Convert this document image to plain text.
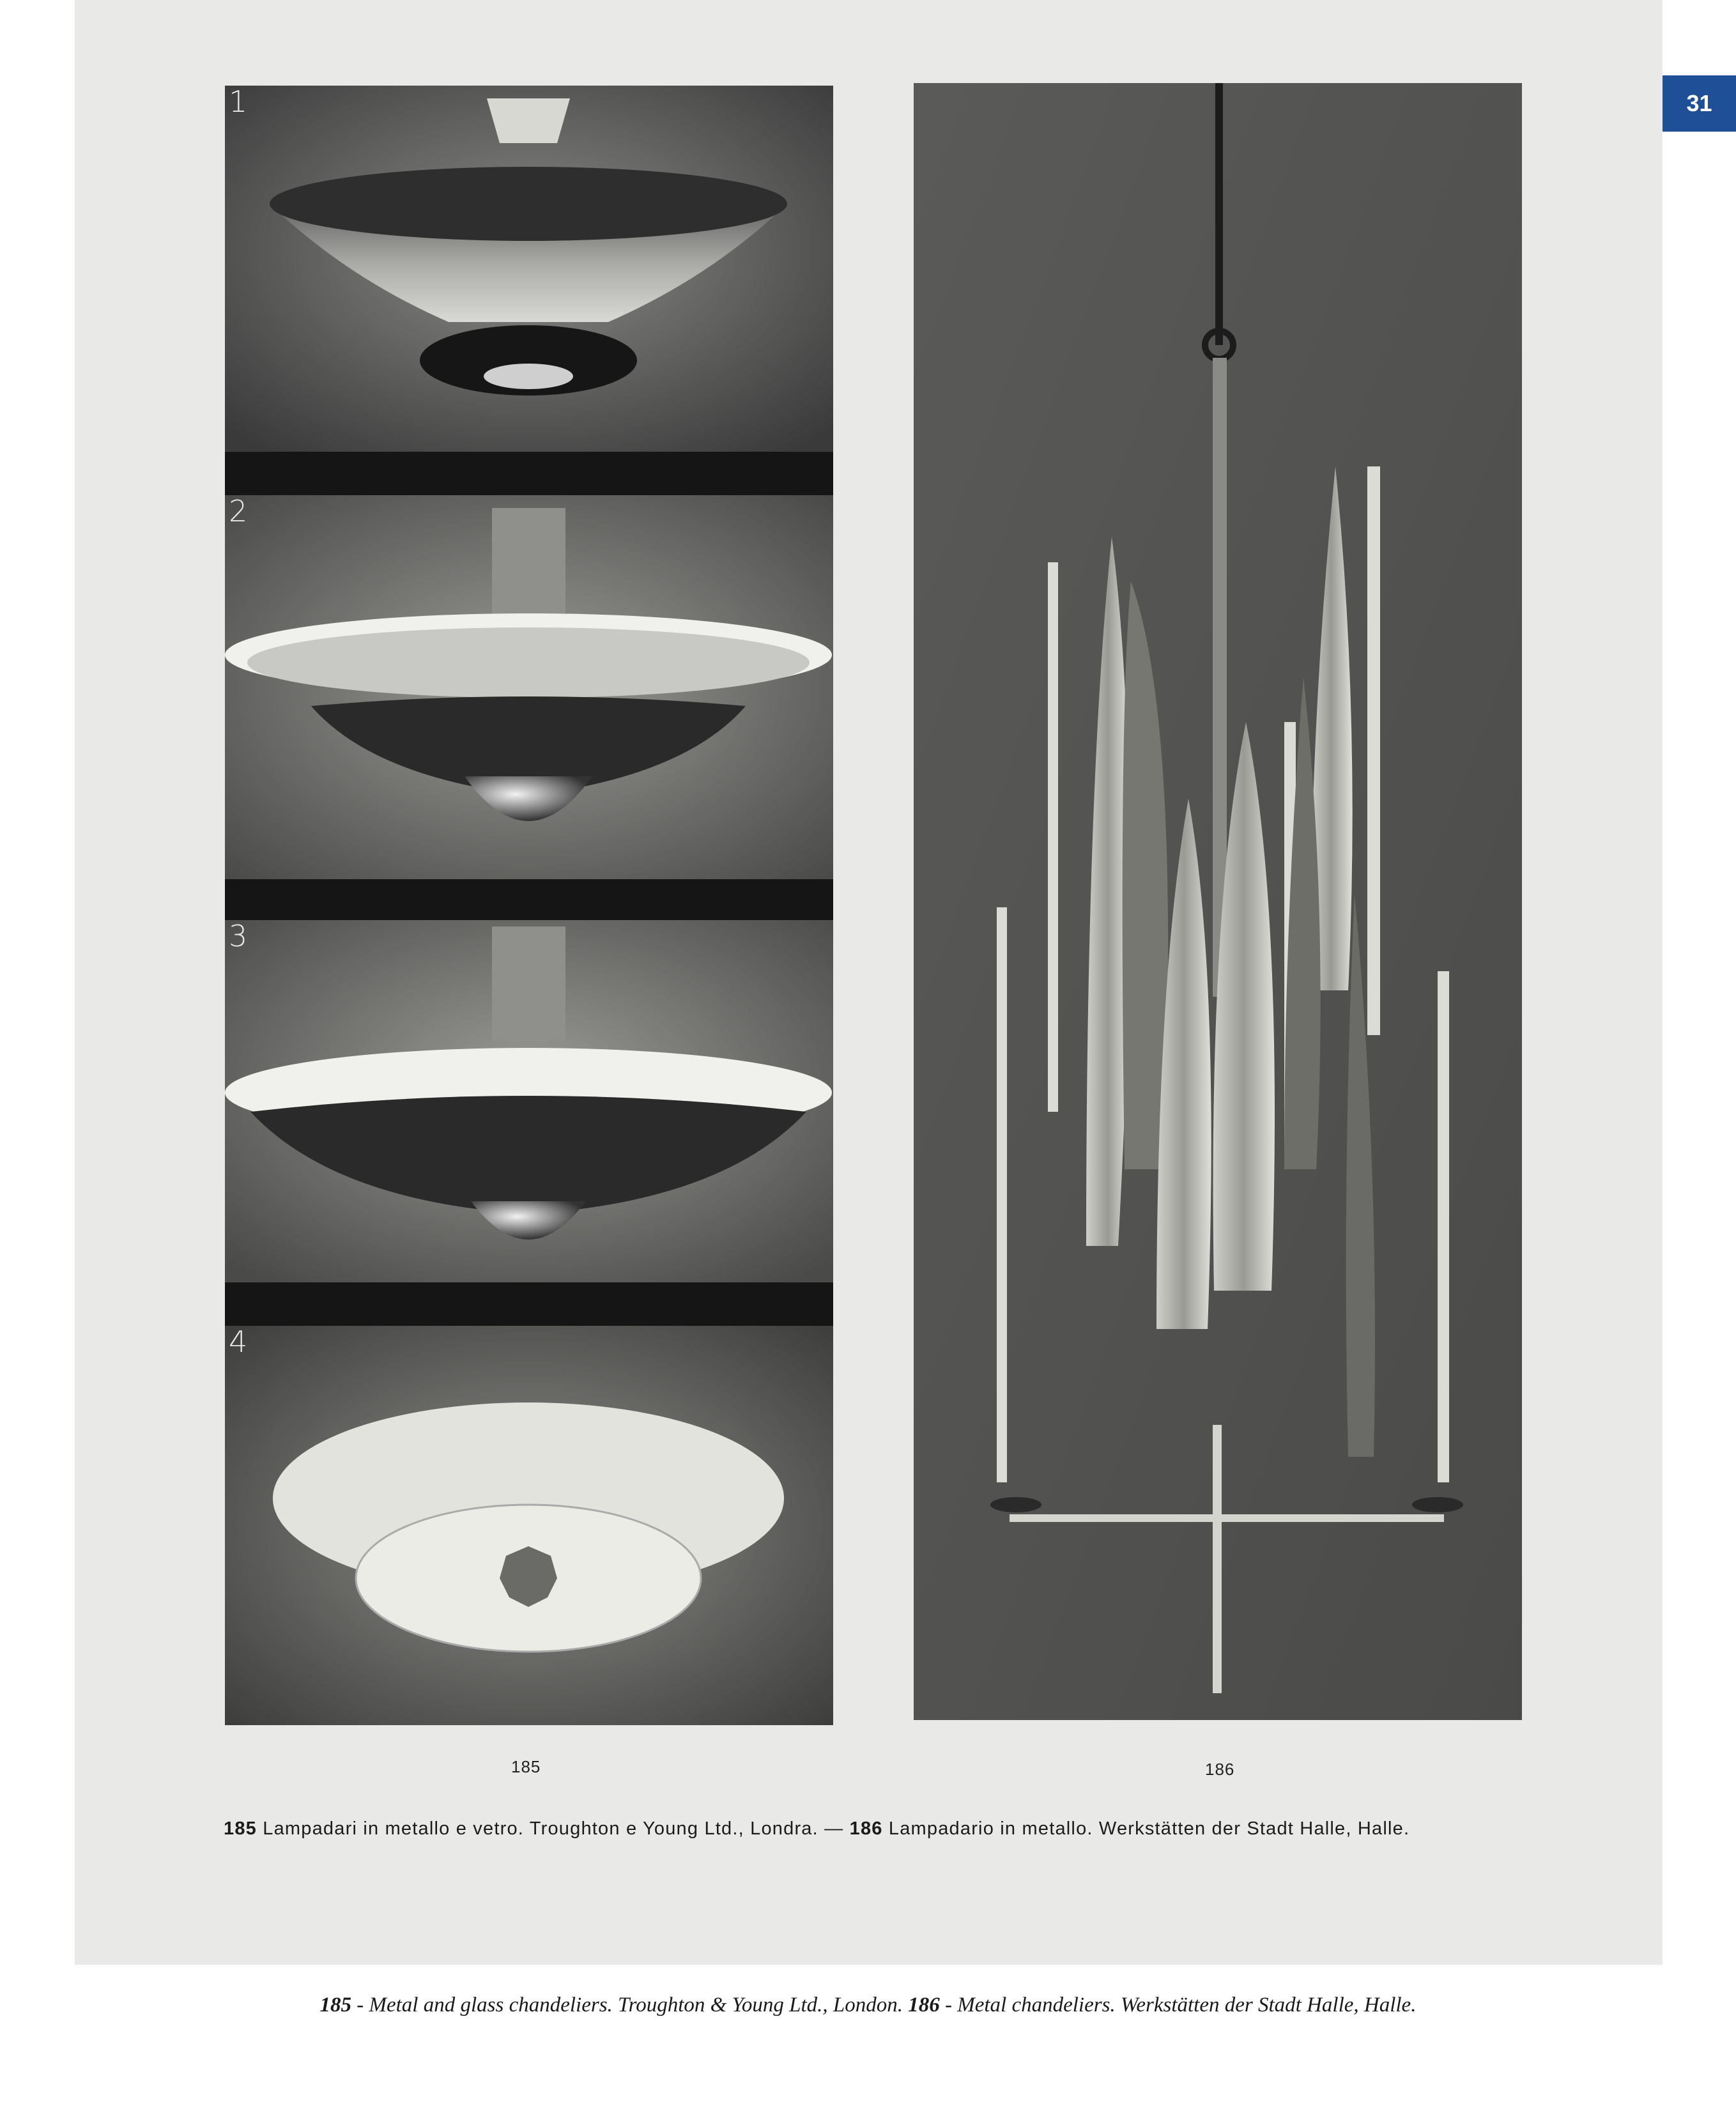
31
1
2
3
4
185	186
185 Lampadari in metallo e vetro. Troughton e Young Ltd., Londra. — 186 Lampadario in metallo. Werkstätten der Stadt Halle, Halle.
185 - Metal and glass chandeliers. Troughton & Young Ltd., London. 186 - Metal chandeliers. Werkstätten der Stadt Halle, Halle.
